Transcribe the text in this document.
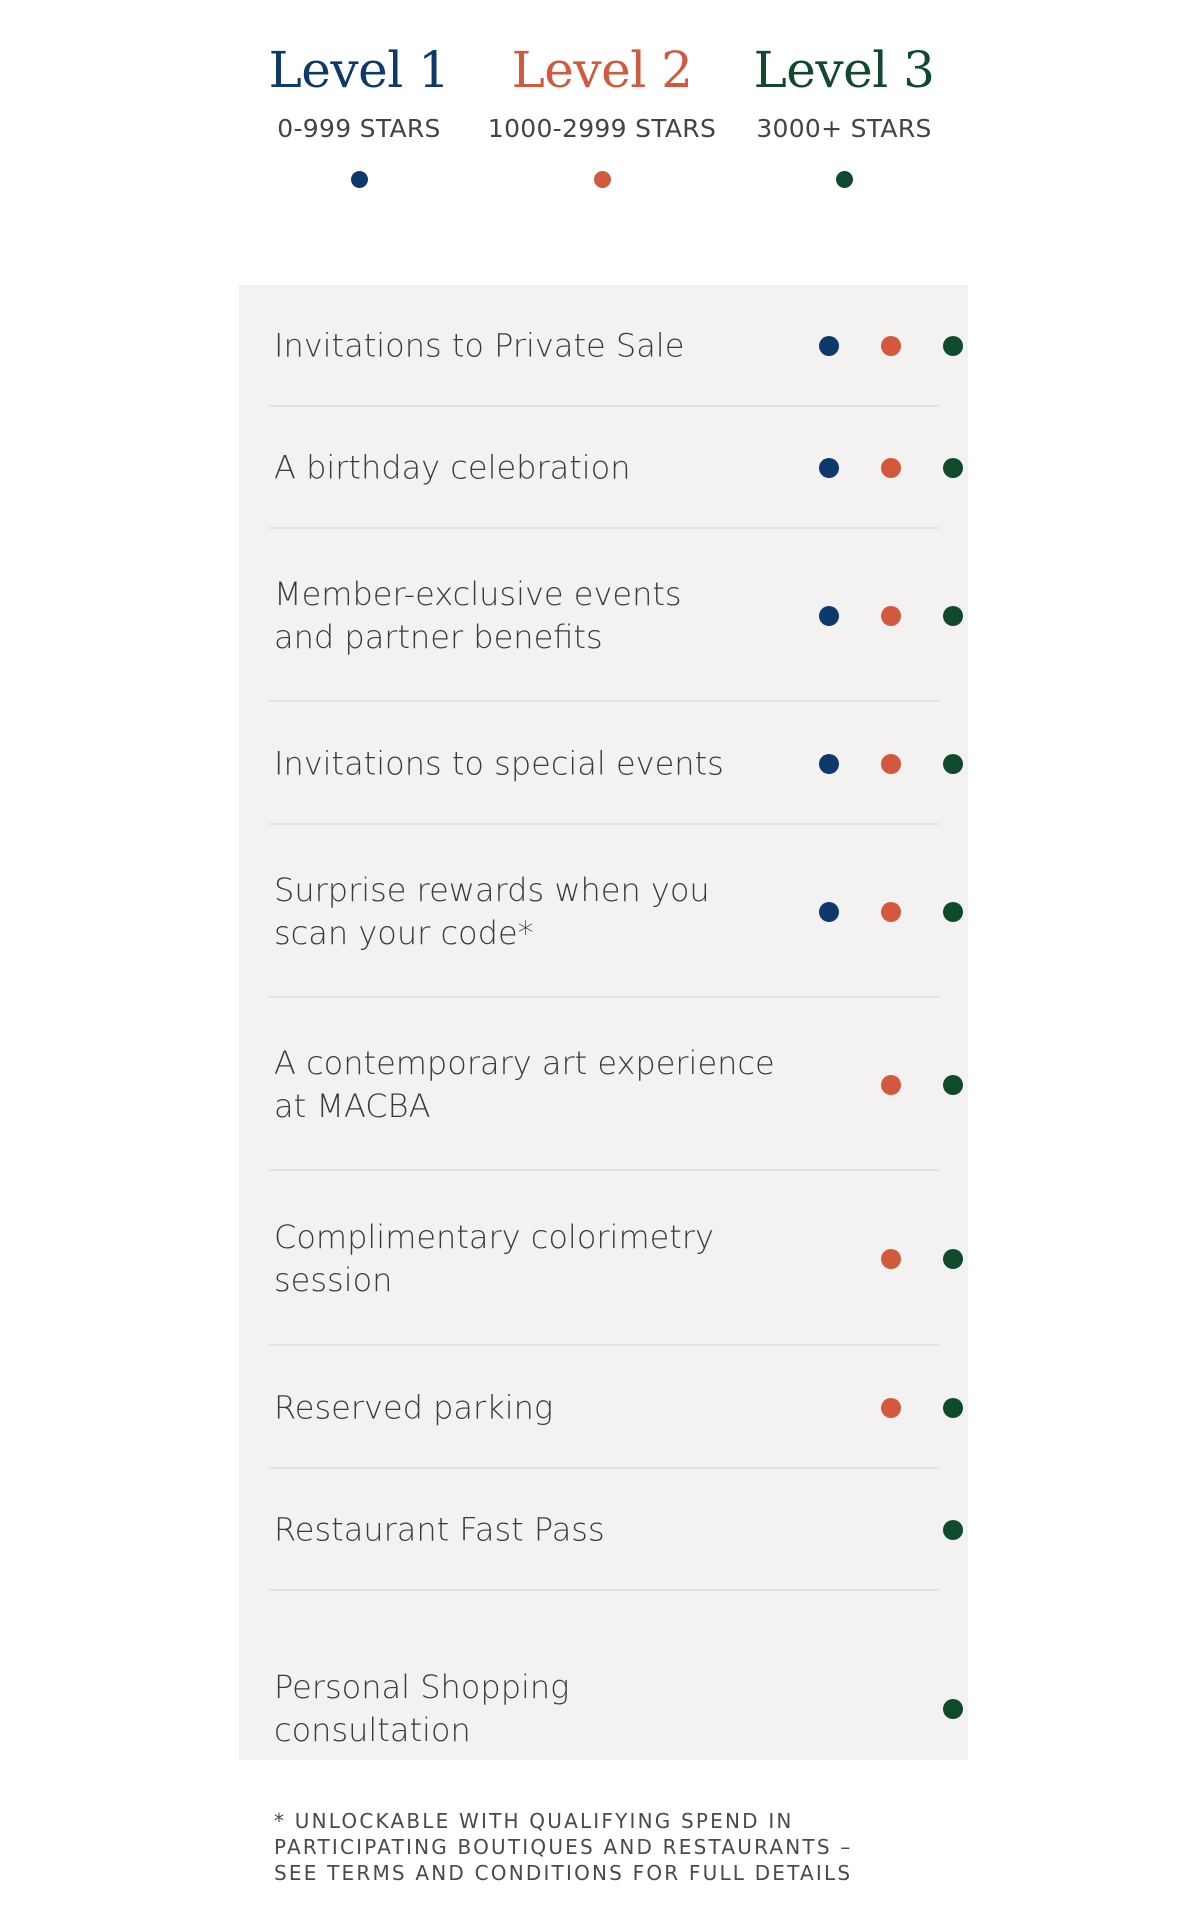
Level 1
0-999 STARS
Level 2
1000-2999 STARS
Level 3
3000+ STARS
Invitations to Private Sale
A birthday celebration
Member-exclusive events
and partner benefits
Invitations to special events
Surprise rewards when you
scan your code*
A contemporary art experience
at MACBA
Complimentary colorimetry
session
Reserved parking
Restaurant Fast Pass
Personal Shopping
consultation
* UNLOCKABLE WITH QUALIFYING SPEND IN
PARTICIPATING BOUTIQUES AND RESTAURANTS –
SEE TERMS AND CONDITIONS FOR FULL DETAILS
